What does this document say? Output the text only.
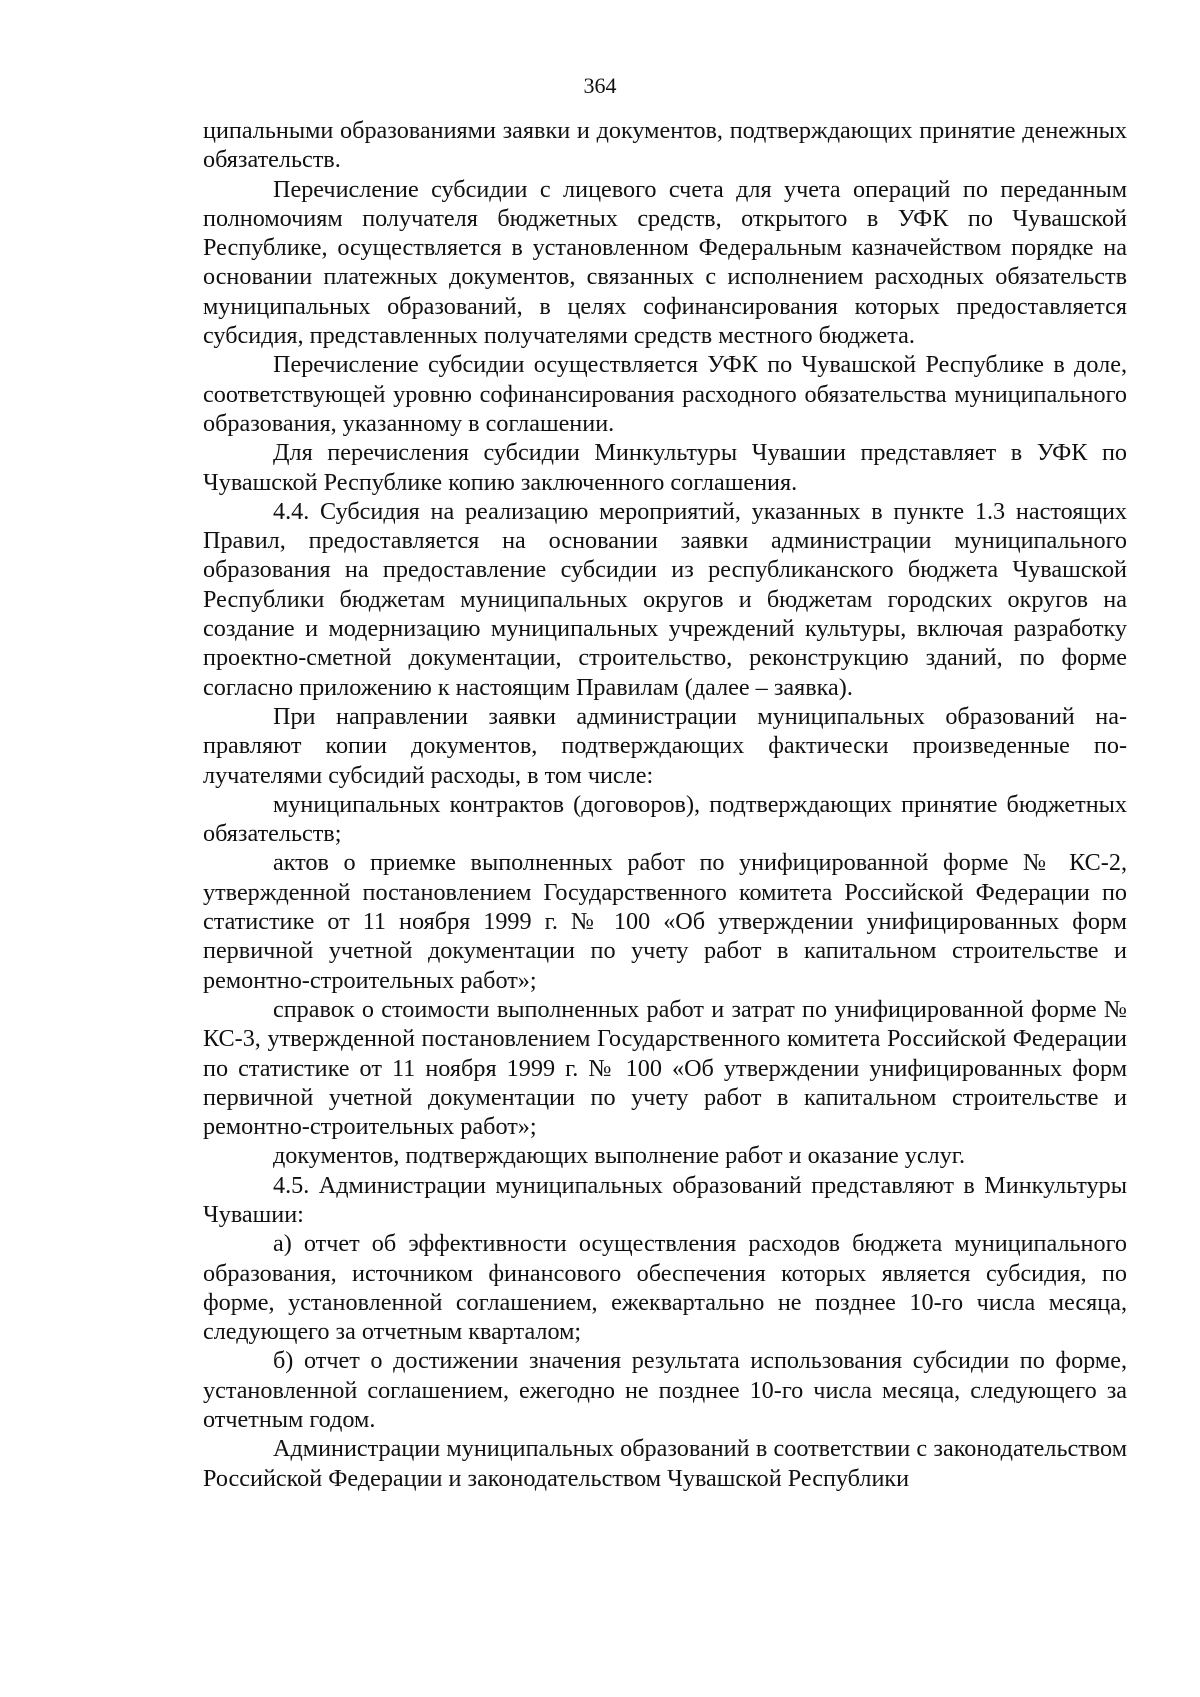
364

ципальными образованиями заявки и документов, подтверждающих принятие денежных обязательств.

Перечисление субсидии с лицевого счета для учета операций по переданным полномочиям получателя бюджетных средств, открытого в УФК по Чувашской Республике, осуществляется в установленном Федеральным казначейством порядке на основании платежных документов, связанных с исполнением расходных обязательств муниципальных образований, в целях софинансирования которых предоставляется субсидия, представленных получателями средств местного бюджета.

Перечисление субсидии осуществляется УФК по Чувашской Республике в доле, соответствующей уровню софинансирования расходного обязательства муниципального образования, указанному в соглашении.

Для перечисления субсидии Минкультуры Чувашии представляет в УФК по Чувашской Республике копию заключенного соглашения.

4.4. Субсидия на реализацию мероприятий, указанных в пункте 1.3 настоящих Правил, предоставляется на основании заявки администрации муниципального образования на предоставление субсидии из республиканского бюджета Чувашской Республики бюджетам муниципальных округов и бюджетам городских округов на создание и модернизацию муниципальных учреждений культуры, включая разработку проектно-сметной документации, строительство, реконструкцию зданий, по форме согласно приложению к настоящим Правилам (далее – заявка).

При направлении заявки администрации муниципальных образований направляют копии документов, подтверждающих фактически произведенные получателями субсидий расходы, в том числе:

муниципальных контрактов (договоров), подтверждающих принятие бюджетных обязательств;

актов о приемке выполненных работ по унифицированной форме № КС-2, утвержденной постановлением Государственного комитета Российской Федерации по статистике от 11 ноября 1999 г. № 100 «Об утверждении унифицированных форм первичной учетной документации по учету работ в капитальном строительстве и ремонтно-строительных работ»;

справок о стоимости выполненных работ и затрат по унифицированной форме № КС-3, утвержденной постановлением Государственного комитета Российской Федерации по статистике от 11 ноября 1999 г. № 100 «Об утверждении унифицированных форм первичной учетной документации по учету работ в капитальном строительстве и ремонтно-строительных работ»;

документов, подтверждающих выполнение работ и оказание услуг.

4.5. Администрации муниципальных образований представляют в Минкультуры Чувашии:

а) отчет об эффективности осуществления расходов бюджета муниципального образования, источником финансового обеспечения которых является субсидия, по форме, установленной соглашением, ежеквартально не позднее 10-го числа месяца, следующего за отчетным кварталом;

б) отчет о достижении значения результата использования субсидии по форме, установленной соглашением, ежегодно не позднее 10-го числа месяца, следующего за отчетным годом.

Администрации муниципальных образований в соответствии с законодательством Российской Федерации и законодательством Чувашской Республики
